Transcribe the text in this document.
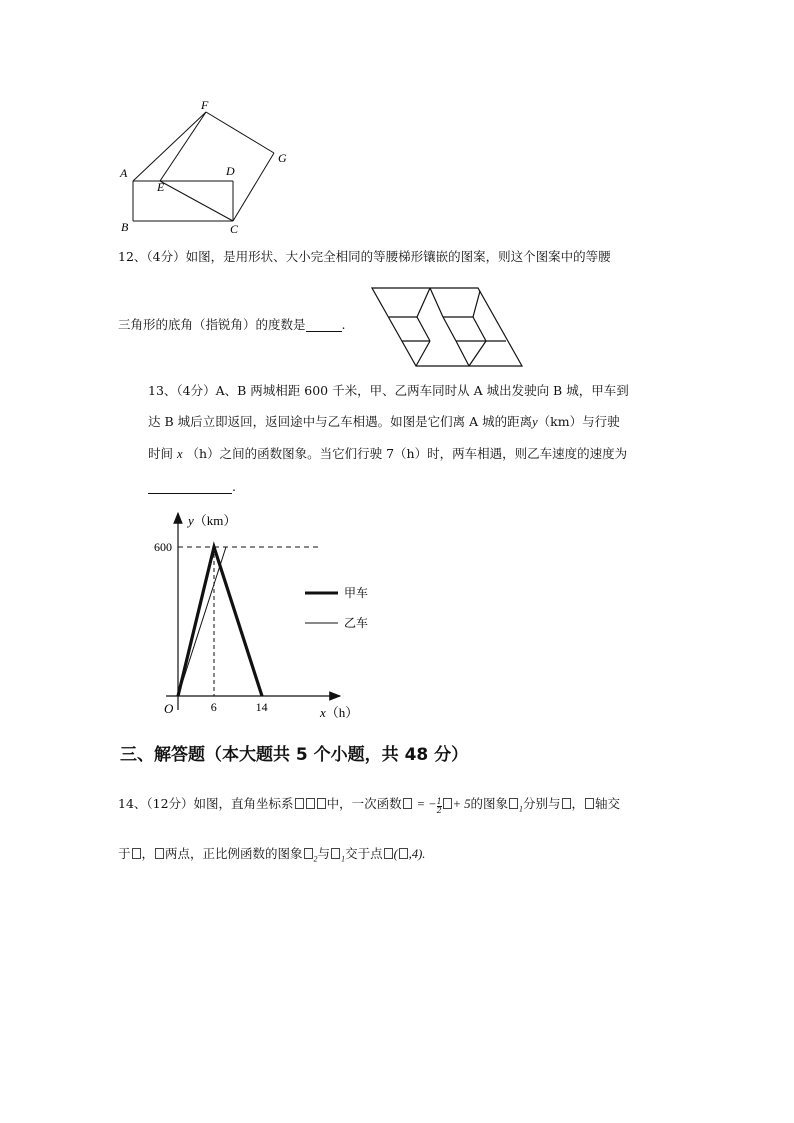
F
G
A	D
E
B	C
12、（4分）如图，是用形状、大小完全相同的等腰梯形镶嵌的图案，则这个图案中的等腰
三角形的底角（指锐角）的度数是	.
13、（4分）A、B 两城相距 600 千米，甲、乙两车同时从 A 城出发驶向 B 城，甲车到
达 B 城后立即返回，返回途中与乙车相遇。如图是它们离 A 城的距离y（km）与行驶
时间 x （h）之间的函数图象。当它们行驶 7（h）时，两车相遇，则乙车速度的速度为
.
600
6	14
y（km）
x（h）
O
甲车
乙车
三、解答题（本大题共 5 个小题，共 48 分）
14、（12分）如图，直角坐标系	中，一次函数 = − $\frac{1}{2} + 5$的图象 $_1$分别与 ， 轴交
于 ， 两点，正比例函数的图象 $_2$与 $_1$交于点 ( ,4).
